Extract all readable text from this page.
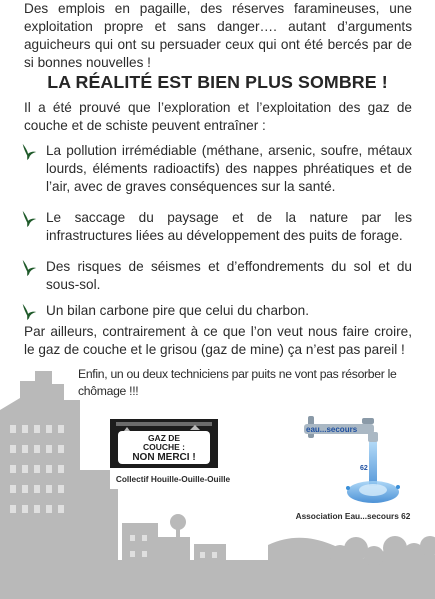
Des emplois en pagaille, des réserves faramineuses, une exploitation propre et sans danger…. autant d’arguments aguicheurs qui ont su persuader ceux qui ont été bercés par de si bonnes nouvelles !
LA RÉALITÉ EST BIEN PLUS SOMBRE !
Il a été prouvé que l’exploration et l’exploitation des gaz de couche et de schiste peuvent entraîner :
La pollution irrémédiable (méthane, arsenic, soufre, métaux lourds, éléments radioactifs) des nappes phréatiques et de l’air, avec de graves conséquences sur la santé.
Le saccage du paysage et de la nature par les infrastructures liées au développement des puits de forage.
Des risques de séismes et d’effondrements du sol et du sous-sol.
Un bilan carbone pire que celui du charbon.
Par ailleurs, contrairement à ce que l’on veut nous faire croire, le gaz de couche et le grisou (gaz de mine) ça n’est pas pareil !
Enfin, un ou deux techniciens par puits ne vont pas résorber le chômage !!!
GAZ DE
COUCHE :
NON MERCI !
Collectif Houille-Ouille-Ouille
eau...secours
62
Association Eau...secours 62
